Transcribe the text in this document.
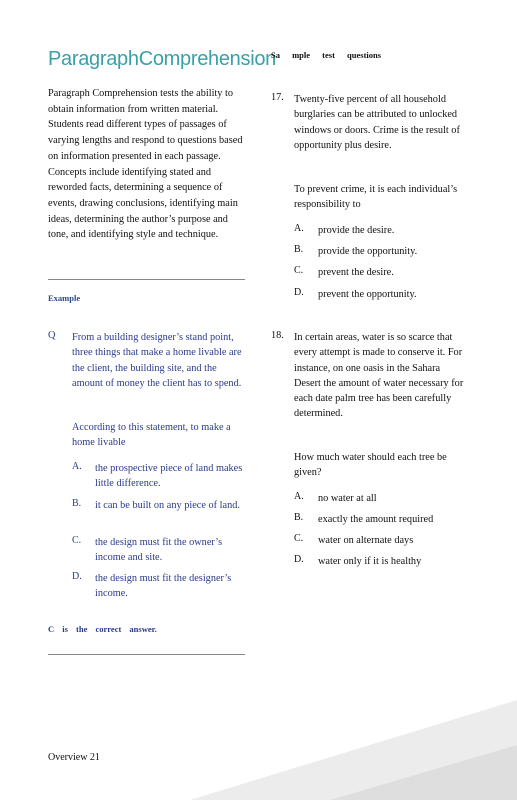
ParagraphComprehension
Paragraph Comprehension tests the ability to obtain information from written material. Students read different types of passages of varying lengths and respond to questions based on information presented in each passage. Concepts include identifying stated and reworded facts, determining a sequence of events, drawing conclusions, identifying main ideas, determining the author’s purpose and tone, and identifying style and technique.
Example
Q From a building designer’s stand point, three things that make a home livable are the client, the building site, and the amount of money the client has to spend.
According to this statement, to make a home livable
A. the prospective piece of land makes little difference.
B. it can be built on any piece of land.
C. the design must fit the owner’s income and site.
D. the design must fit the designer’s income.
C is the correct answer.
Sa mple test questions
17. Twenty-five percent of all household burglaries can be attributed to unlocked windows or doors. Crime is the result of opportunity plus desire.
To prevent crime, it is each individual’s responsibility to
A. provide the desire.
B. provide the opportunity.
C. prevent the desire.
D. prevent the opportunity.
18. In certain areas, water is so scarce that every attempt is made to conserve it. For instance, on one oasis in the Sahara Desert the amount of water necessary for each date palm tree has been carefully determined.
How much water should each tree be given?
A. no water at all
B. exactly the amount required
C. water on alternate days
D. water only if it is healthy
Overview 21
